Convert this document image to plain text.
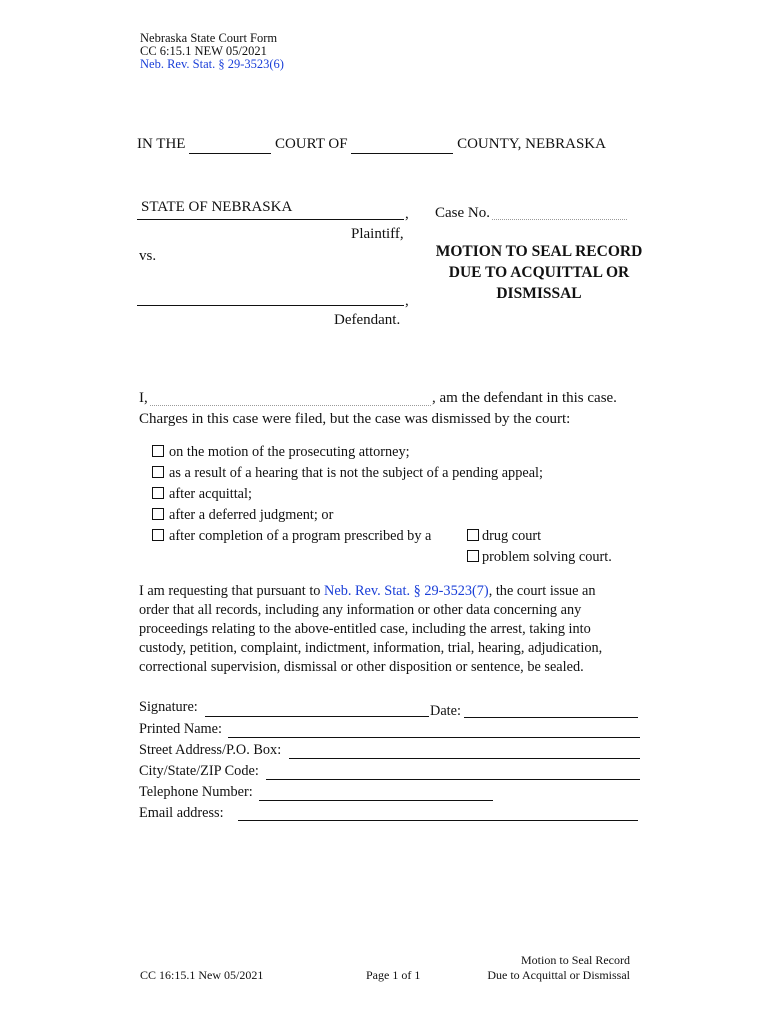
Nebraska State Court Form
CC 6:15.1 NEW 05/2021
Neb. Rev. Stat. § 29-3523(6)
IN THE	COURT OF	COUNTY, NEBRASKA
STATE OF NEBRASKA	,
Plaintiff,
vs.
,
Defendant.
Case No.
MOTION TO SEAL RECORD
DUE TO ACQUITTAL OR
DISMISSAL
I,	, am the defendant in this case.
Charges in this case were filed, but the case was dismissed by the court:
on the motion of the prosecuting attorney;
as a result of a hearing that is not the subject of a pending appeal;
after acquittal;
after a deferred judgment; or
after completion of a program prescribed by a	drug court
problem solving court.
I am requesting that pursuant to Neb. Rev. Stat. § 29-3523(7), the court issue an
order that all records, including any information or other data concerning any
proceedings relating to the above-entitled case, including the arrest, taking into
custody, petition, complaint, indictment, information, trial, hearing, adjudication,
correctional supervision, dismissal or other disposition or sentence, be sealed.
Signature:	Date:
Printed Name:
Street Address/P.O. Box:
City/State/ZIP Code:
Telephone Number:
Email address:
CC 16:15.1 New 05/2021	Page 1 of 1
Motion to Seal Record
Due to Acquittal or Dismissal
